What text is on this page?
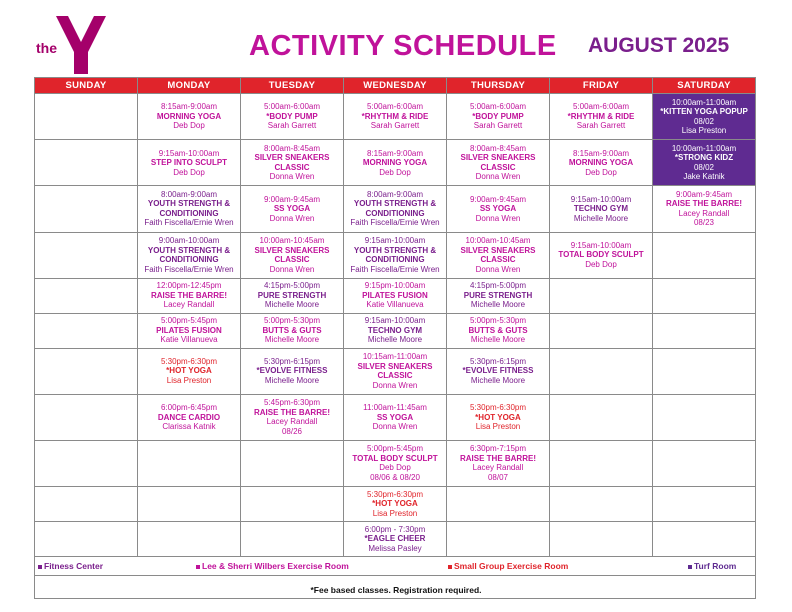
the
YMCA
ACTIVITY SCHEDULE AUGUST 2025
SUNDAY	MONDAY	TUESDAY	WEDNESDAY	THURSDAY	FRIDAY	SATURDAY

	8:15am-9:00am
MORNING YOGA
Deb Dop	5:00am-6:00am
*BODY PUMP
Sarah Garrett	5:00am-6:00am
*RHYTHM & RIDE
Sarah Garrett	5:00am-6:00am
*BODY PUMP
Sarah Garrett	5:00am-6:00am
*RHYTHM & RIDE
Sarah Garrett	10:00am-11:00am
*KITTEN YOGA POPUP
08/02
Lisa Preston

	9:15am-10:00am
STEP INTO SCULPT
Deb Dop	8:00am-8:45am
SILVER SNEAKERS
CLASSIC
Donna Wren	8:15am-9:00am
MORNING YOGA
Deb Dop	8:00am-8:45am
SILVER SNEAKERS
CLASSIC
Donna Wren	8:15am-9:00am
MORNING YOGA
Deb Dop	10:00am-11:00am
*STRONG KIDZ
08/02
Jake Katnik

	8:00am-9:00am
YOUTH STRENGTH &
CONDITIONING
Faith Fiscella/Ernie Wren	9:00am-9:45am
SS YOGA
Donna Wren	8:00am-9:00am
YOUTH STRENGTH &
CONDITIONING
Faith Fiscella/Ernie Wren	9:00am-9:45am
SS YOGA
Donna Wren	9:15am-10:00am
TECHNO GYM
Michelle Moore	9:00am-9:45am
RAISE THE BARRE!
Lacey Randall
08/23

	9:00am-10:00am
YOUTH STRENGTH &
CONDITIONING
Faith Fiscella/Ernie Wren	10:00am-10:45am
SILVER SNEAKERS
CLASSIC
Donna Wren	9:15am-10:00am
YOUTH STRENGTH &
CONDITIONING
Faith Fiscella/Ernie Wren	10:00am-10:45am
SILVER SNEAKERS
CLASSIC
Donna Wren	9:15am-10:00am
TOTAL BODY SCULPT
Deb Dop	

	12:00pm-12:45pm
RAISE THE BARRE!
Lacey Randall	4:15pm-5:00pm
PURE STRENGTH
Michelle Moore	9:15pm-10:00am
PILATES FUSION
Katie Villanueva	4:15pm-5:00pm
PURE STRENGTH
Michelle Moore		

	5:00pm-5:45pm
PILATES FUSION
Katie Villanueva	5:00pm-5:30pm
BUTTS & GUTS
Michelle Moore	9:15am-10:00am
TECHNO GYM
Michelle Moore	5:00pm-5:30pm
BUTTS & GUTS
Michelle Moore		

	5:30pm-6:30pm
*HOT YOGA
Lisa Preston	5:30pm-6:15pm
*EVOLVE FITNESS
Michelle Moore	10:15am-11:00am
SILVER SNEAKERS
CLASSIC
Donna Wren	5:30pm-6:15pm
*EVOLVE FITNESS
Michelle Moore		

	6:00pm-6:45pm
DANCE CARDIO
Clarissa Katnik	5:45pm-6:30pm
RAISE THE BARRE!
Lacey Randall
08/26	11:00am-11:45am
SS YOGA
Donna Wren	5:30pm-6:30pm
*HOT YOGA
Lisa Preston		

			5:00pm-5:45pm
TOTAL BODY SCULPT
Deb Dop
08/06 & 08/20	6:30pm-7:15pm
RAISE THE BARRE!
Lacey Randall
08/07		

			5:30pm-6:30pm
*HOT YOGA
Lisa Preston			

			6:00pm - 7:30pm
*EAGLE CHEER
Melissa Pasley			

Fitness Center	Lee & Sherri Wilbers Exercise Room	Small Group Exercise Room	Turf Room
*Fee based classes. Registration required.
